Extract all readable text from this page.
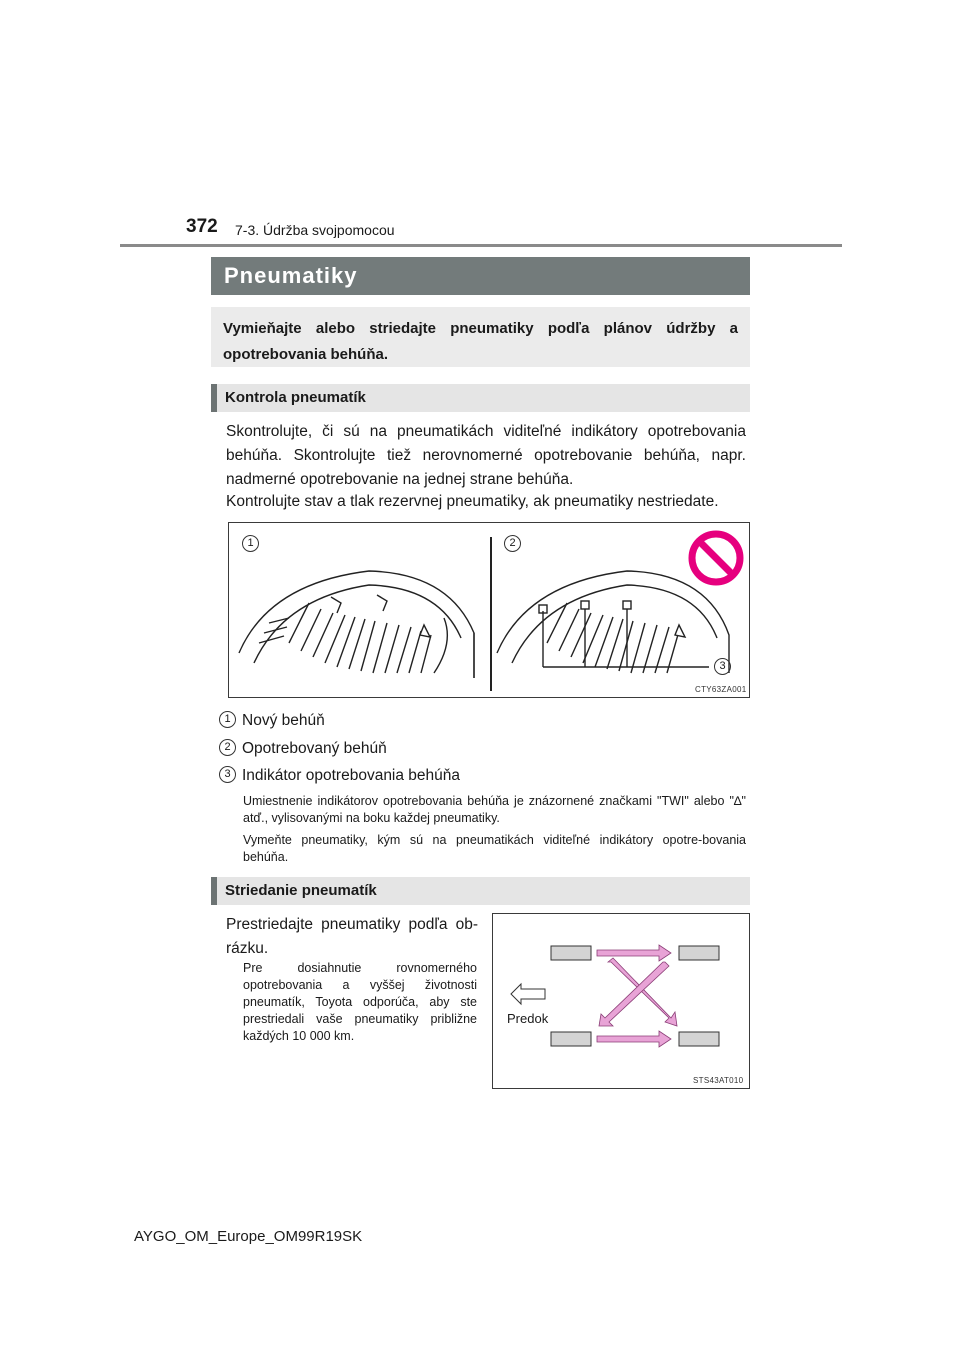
372 7-3. Údržba svojpomocou
Pneumatiky
Vymieňajte alebo striedajte pneumatiky podľa plánov údržby a opotrebovania behúňa.
Kontrola pneumatík
Skontrolujte, či sú na pneumatikách viditeľné indikátory opotrebovania behúňa. Skontrolujte tiež nerovnomerné opotrebovanie behúňa, napr. nadmerné opotrebovanie na jednej strane behúňa.
Kontrolujte stav a tlak rezervnej pneumatiky, ak pneumatiky nestriedate.
1	2
3
CTY63ZA001
1 Nový behúň
2 Opotrebovaný behúň
3 Indikátor opotrebovania behúňa
Umiestnenie indikátorov opotrebovania behúňa je znázornené značkami "TWI" alebo "∆" atď., vylisovanými na boku každej pneumatiky.
Vymeňte pneumatiky, kým sú na pneumatikách viditeľné indikátory opotre-bovania behúňa.
Striedanie pneumatík
Prestriedajte pneumatiky podľa ob-rázku.
Pre dosiahnutie rovnomerného opotrebovania a vyššej životnosti pneumatík, Toyota odporúča, aby ste prestriedali vaše pneumatiky približne každých 10 000 km.
Predok
STS43AT010
AYGO_OM_Europe_OM99R19SK
